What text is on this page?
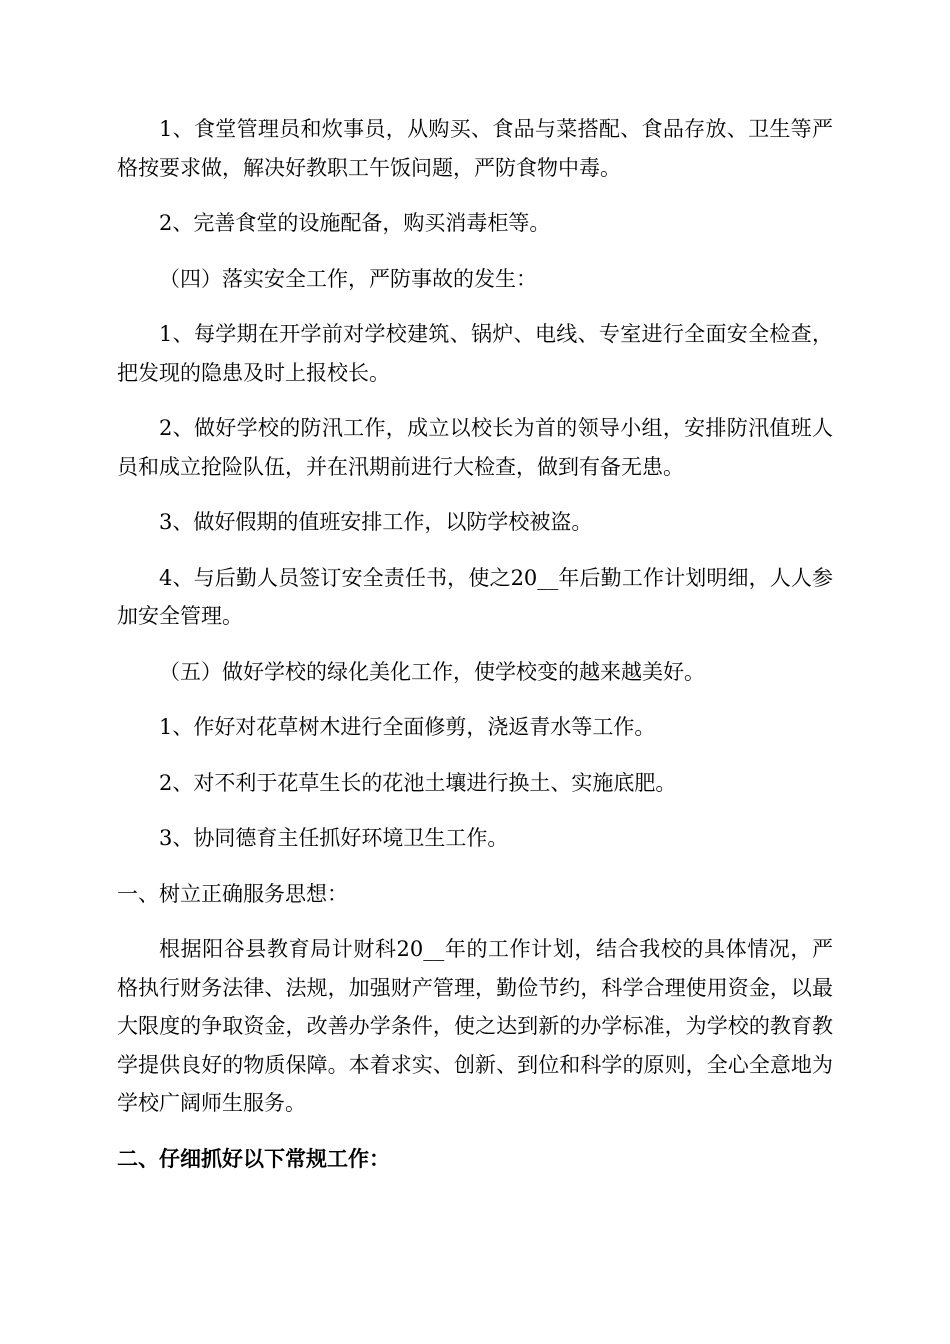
1、食堂管理员和炊事员，从购买、食品与菜搭配、食品存放、卫生等严格按要求做，解决好教职工午饭问题，严防食物中毒。

2、完善食堂的设施配备，购买消毒柜等。

（四）落实安全工作，严防事故的发生：

1、每学期在开学前对学校建筑、锅炉、电线、专室进行全面安全检查，把发现的隐患及时上报校长。

2、做好学校的防汛工作，成立以校长为首的领导小组，安排防汛值班人员和成立抢险队伍，并在汛期前进行大检查，做到有备无患。

3、做好假期的值班安排工作，以防学校被盗。

4、与后勤人员签订安全责任书，使之20__年后勤工作计划明细，人人参加安全管理。

（五）做好学校的绿化美化工作，使学校变的越来越美好。

1、作好对花草树木进行全面修剪，浇返青水等工作。

2、对不利于花草生长的花池土壤进行换土、实施底肥。

3、协同德育主任抓好环境卫生工作。

一、树立正确服务思想：

根据阳谷县教育局计财科20__年的工作计划，结合我校的具体情况，严格执行财务法律、法规，加强财产管理，勤俭节约，科学合理使用资金，以最大限度的争取资金，改善办学条件，使之达到新的办学标准，为学校的教育教学提供良好的物质保障。本着求实、创新、到位和科学的原则，全心全意地为学校广阔师生服务。

二、仔细抓好以下常规工作：
